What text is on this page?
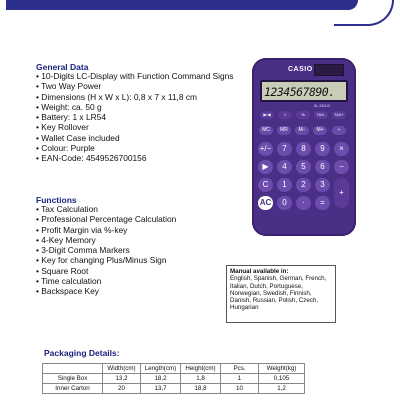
General Data
• 10-Digits LC-Display with Function Command Signs
• Two Way Power
• Dimensions (H x W x L): 0,8 x 7 x 11,8 cm
• Weight: ca. 50 g
• Battery: 1 x LR54
• Key Rollover
• Wallet Case included
• Colour: Purple
• EAN-Code: 4549526700156
Functions
• Tax Calculation
• Professional Percentage Calculation
• Profit Margin via %-key
• 4-Key Memory
• 3-Digit Comma Markers
• Key for changing Plus/Minus Sign
• Square Root
• Time calculation
• Backspace Key
CASIO
1234567890.
SL-310UC
▶/◀	√	%	TAX-	TAX+
MC	MR	M−	M+	÷
+/−	7	8	9	×
▶	4	5	6	−
C	1	2	3
+
AC	0	·	=
Manual available in:
English, Spanish, German, French, Italian, Dutch, Portuguese, Norwegian, Swedish, Finnish, Danish, Russian, Polish, Czech, Hungarian
Packaging Details:
	Width(cm)	Length(cm)	Height(cm)	Pcs.	Weight(kg)
Single Box	13,2	18,2	1,8	1	0,105
Inner Carton	20	13,7	18,8	10	1,2
